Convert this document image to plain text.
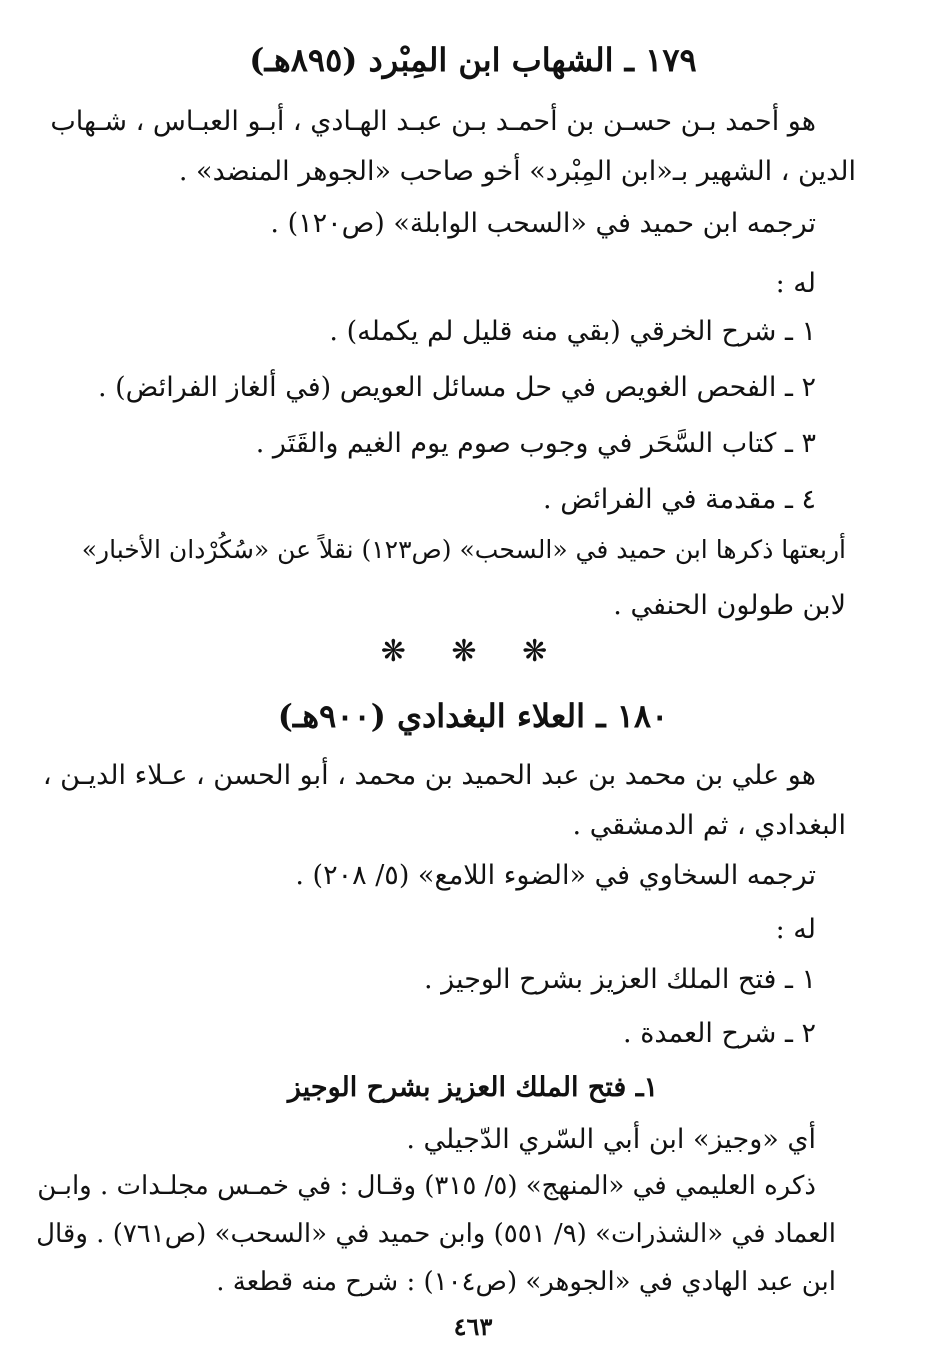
١٧٩ ـ الشهاب ابن المِبْرد (٨٩٥هـ)
هو أحمد بـن حسـن بن أحمـد بـن عبـد الهـادي ، أبـو العبـاس ، شـهاب
الدين ، الشهير بـ«ابن المِبْرد» أخو صاحب «الجوهر المنضد» .
ترجمه ابن حميد في «السحب الوابلة» (ص١٢٠) .
له :
١ ـ شرح الخرقي (بقي منه قليل لم يكمله) .
٢ ـ الفحص الغويص في حل مسائل العويص (في ألغاز الفرائض) .
٣ ـ كتاب السَّحَر في وجوب صوم يوم الغيم والقَتَر .
٤ ـ مقدمة في الفرائض .
أربعتها ذكرها ابن حميد في «السحب» (ص١٢٣) نقلاً عن «سُكُرْدان الأخبار»
لابن طولون الحنفي .
❋ ❋ ❋
١٨٠ ـ العلاء البغدادي (٩٠٠هـ)
هو علي بن محمد بن عبد الحميد بن محمد ، أبو الحسن ، عـلاء الديـن ،
البغدادي ، ثم الدمشقي .
ترجمه السخاوي في «الضوء اللامع» (٥/ ٢٠٨) .
له :
١ ـ فتح الملك العزيز بشرح الوجيز .
٢ ـ شرح العمدة .
١ـ فتح الملك العزيز بشرح الوجيز
أي «وجيز» ابن أبي السّري الدّجيلي .
ذكره العليمي في «المنهج» (٥/ ٣١٥) وقـال : في خمـس مجلـدات . وابـن
العماد في «الشذرات» (٩/ ٥٥١) وابن حميد في «السحب» (ص٧٦١) . وقال
ابن عبد الهادي في «الجوهر» (ص١٠٤) : شرح منه قطعة .
٤٦٣
